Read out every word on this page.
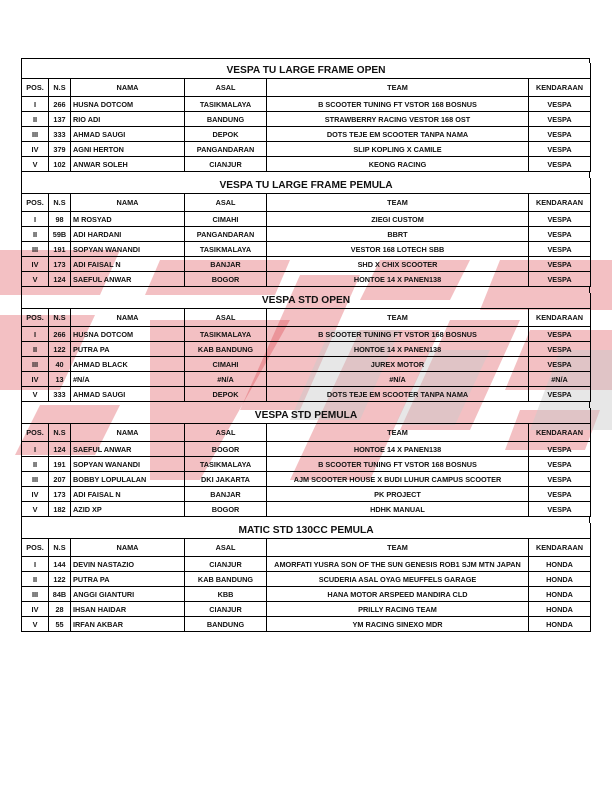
VESPA TU LARGE FRAME OPEN					
POS.	N.S	NAMA	ASAL	TEAM	KENDARAAN
I	266	HUSNA DOTCOM	TASIKMALAYA	B SCOOTER TUNING FT VSTOR 168 BOSNUS	VESPA
II	137	RIO ADI	BANDUNG	STRAWBERRY RACING VESTOR 168 OST	VESPA
III	333	AHMAD SAUGI	DEPOK	DOTS TEJE EM SCOOTER TANPA NAMA	VESPA
IV	379	AGNI HERTON	PANGANDARAN	SLIP KOPLING X CAMILE	VESPA
V	102	ANWAR SOLEH	CIANJUR	KEONG RACING	VESPA
VESPA TU LARGE FRAME PEMULA					
POS.	N.S	NAMA	ASAL	TEAM	KENDARAAN
I	98	M ROSYAD	CIMAHI	ZIEGI CUSTOM	VESPA
II	59B	ADI HARDANI	PANGANDARAN	BBRT	VESPA
III	191	SOPYAN WANANDI	TASIKMALAYA	VESTOR 168 LOTECH SBB	VESPA
IV	173	ADI FAISAL N	BANJAR	SHD X CHIX SCOOTER	VESPA
V	124	SAEFUL ANWAR	BOGOR	HONTOE 14 X PANEN138	VESPA
VESPA STD OPEN					
POS.	N.S	NAMA	ASAL	TEAM	KENDARAAN
I	266	HUSNA DOTCOM	TASIKMALAYA	B SCOOTER TUNING FT VSTOR 168 BOSNUS	VESPA
II	122	PUTRA PA	KAB BANDUNG	HONTOE 14 X PANEN138	VESPA
III	40	AHMAD BLACK	CIMAHI	JUREX MOTOR	VESPA
IV	13	#N/A	#N/A	#N/A	#N/A
V	333	AHMAD SAUGI	DEPOK	DOTS TEJE EM SCOOTER TANPA NAMA	VESPA
VESPA STD PEMULA					
POS.	N.S	NAMA	ASAL	TEAM	KENDARAAN
I	124	SAEFUL ANWAR	BOGOR	HONTOE 14 X PANEN138	VESPA
II	191	SOPYAN WANANDI	TASIKMALAYA	B SCOOTER TUNING FT VSTOR 168 BOSNUS	VESPA
III	207	BOBBY LOPULALAN	DKI JAKARTA	AJM SCOOTER HOUSE X BUDI LUHUR CAMPUS SCOOTER	VESPA
IV	173	ADI FAISAL N	BANJAR	PK PROJECT	VESPA
V	182	AZID XP	BOGOR	HDHK MANUAL	VESPA
MATIC STD 130CC PEMULA					
POS.	N.S	NAMA	ASAL	TEAM	KENDARAAN
I	144	DEVIN NASTAZIO	CIANJUR	AMORFATI YUSRA SON OF THE SUN GENESIS ROB1 SJM MTN JAPAN	HONDA
II	122	PUTRA PA	KAB BANDUNG	SCUDERIA ASAL OYAG MEUFFELS GARAGE	HONDA
III	84B	ANGGI GIANTURI	KBB	HANA MOTOR ARSPEED MANDIRA CLD	HONDA
IV	28	IHSAN HAIDAR	CIANJUR	PRILLY RACING TEAM	HONDA
V	55	IRFAN AKBAR	BANDUNG	YM RACING SINEXO MDR	HONDA
